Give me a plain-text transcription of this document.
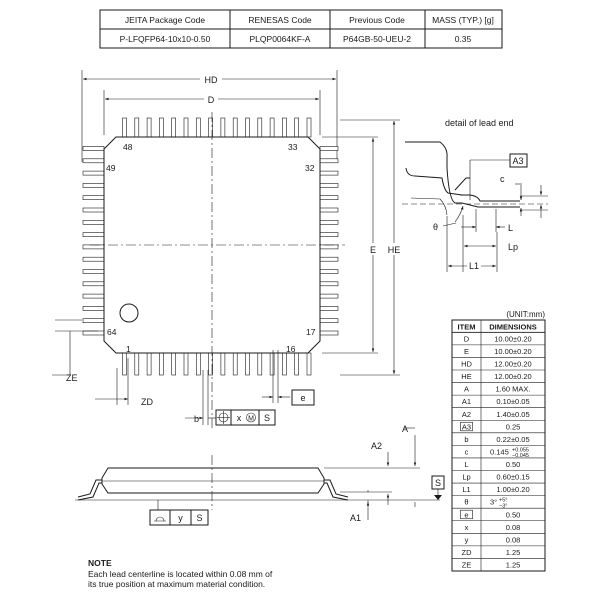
JEITA Package Code	RENESAS Code	Previous Code	MASS (TYP.) [g]
P-LFQFP64-10x10-0.50	PLQP0064KF-A	P64GB-50-UEU-2	0.35
HD
D
48	33
49	32
64	17
1	16
E HE
ZE
ZD	e
b	x M S
detail of lead end
A3
c
θ	L
Lp
L1
A
A2
A1
S
y S
(UNIT:mm)
ITEM DIMENSIONS
D	10.00±0.20
E	10.00±0.20
HD	12.00±0.20
HE	12.00±0.20
A	1.60 MAX.
A1	0.10±0.05
A2	1.40±0.05
A3	0.25
b	0.22±0.05
c	0.145 +0.055
−0.045
L	0.50
Lp	0.60±0.15
L1	1.00±0.20
θ	3° +5°
−3°
e	0.50
x	0.08
y	0.08
ZD	1.25
ZE	1.25
NOTE
Each lead centerline is located within 0.08 mm of
its true position at maximum material condition.
